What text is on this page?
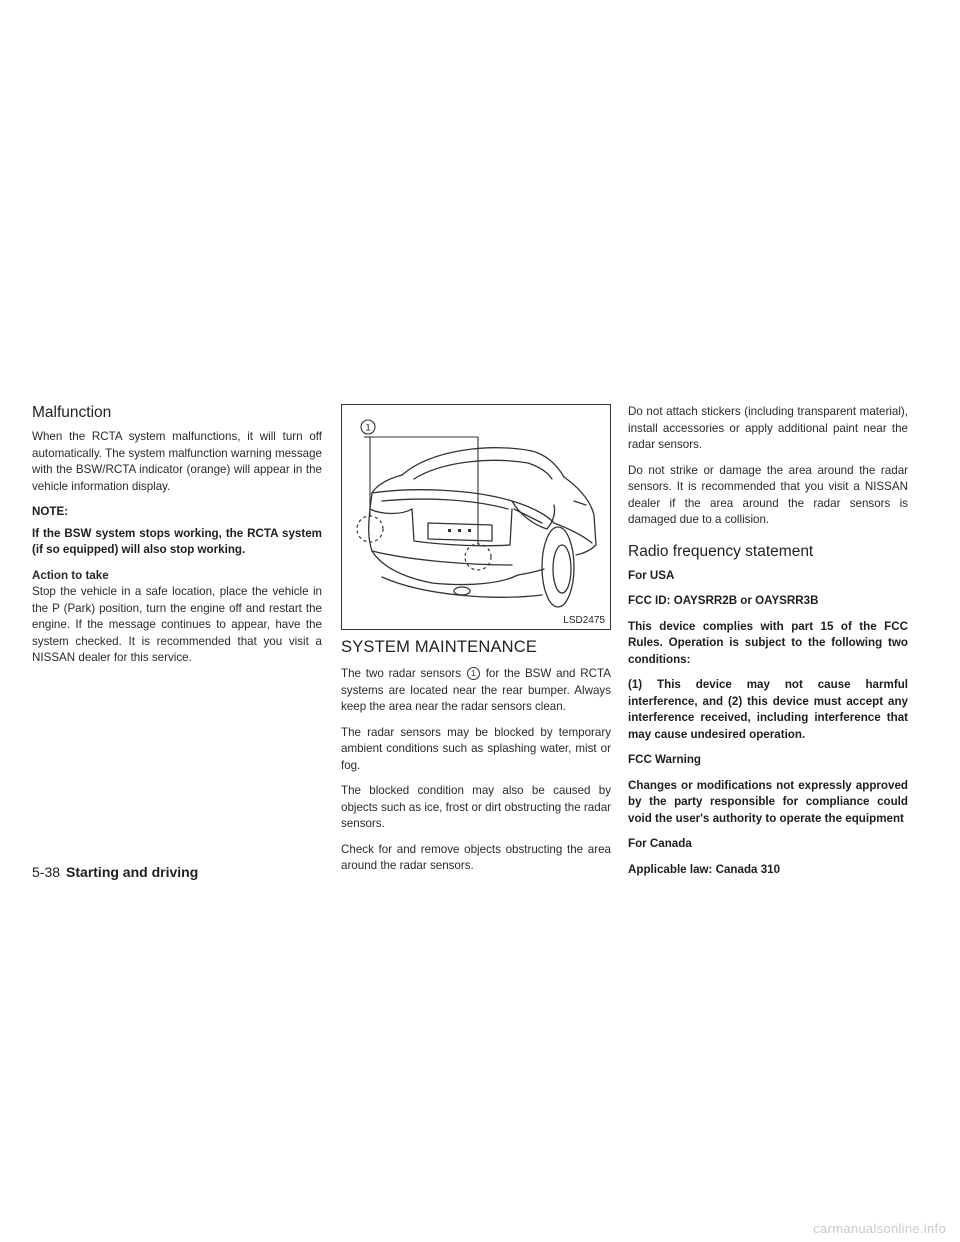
Malfunction

When the RCTA system malfunctions, it will turn off automatically. The system malfunction warning message with the BSW/RCTA indicator (orange) will appear in the vehicle information display.

NOTE:

If the BSW system stops working, the RCTA system (if so equipped) will also stop working.

Action to take
Stop the vehicle in a safe location, place the vehicle in the P (Park) position, turn the engine off and restart the engine. If the message continues to appear, have the system checked. It is recommended that you visit a NISSAN dealer for this service.

1
LSD2475
SYSTEM MAINTENANCE

The two radar sensors 1 for the BSW and RCTA systems are located near the rear bumper. Always keep the area near the radar sensors clean.

The radar sensors may be blocked by temporary ambient conditions such as splashing water, mist or fog.

The blocked condition may also be caused by objects such as ice, frost or dirt obstructing the radar sensors.

Check for and remove objects obstructing the area around the radar sensors.

Do not attach stickers (including transparent material), install accessories or apply additional paint near the radar sensors.

Do not strike or damage the area around the radar sensors. It is recommended that you visit a NISSAN dealer if the area around the radar sensors is damaged due to a collision.

Radio frequency statement

For USA

FCC ID: OAYSRR2B or OAYSRR3B

This device complies with part 15 of the FCC Rules. Operation is subject to the following two conditions:

(1) This device may not cause harmful interference, and (2) this device must accept any interference received, including interference that may cause undesired operation.

FCC Warning

Changes or modifications not expressly approved by the party responsible for compliance could void the user's authority to operate the equipment

For Canada

Applicable law: Canada 310

5-38 Starting and driving
carmanualsonline.info
